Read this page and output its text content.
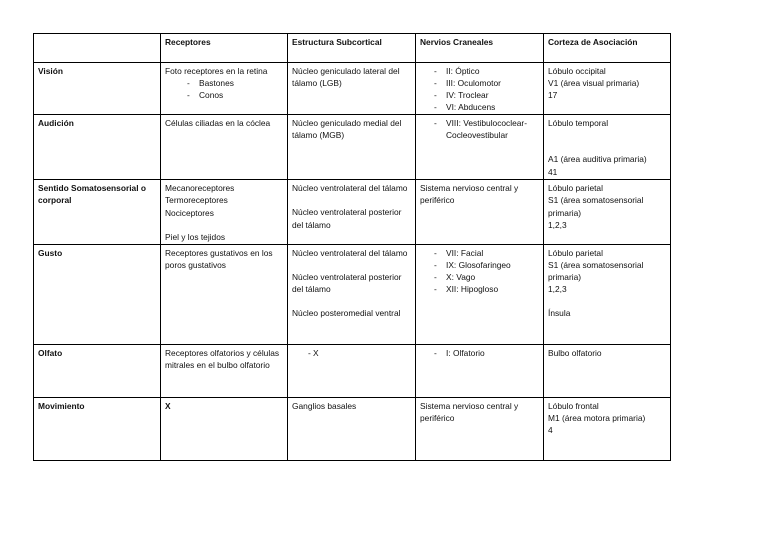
	Receptores	Estructura Subcortical	Nervios Craneales	Corteza de Asociación
Visión	Foto receptores en la retina
- Bastones
- Conos	Núcleo geniculado lateral del tálamo (LGB)	- II: Óptico
- III: Oculomotor
- IV: Troclear
- VI: Abducens	Lóbulo occipital
V1 (área visual primaria)
17

Audición	Células ciliadas en la cóclea	Núcleo geniculado medial del tálamo (MGB)	- VIII: Vestibulococlear-Cocleovestibular	Lóbulo temporal
A1 (área auditiva primaria)
41

Sentido Somatosensorial o corporal	Mecanoreceptores
Termoreceptores
Nociceptores
Piel y los tejidos	Núcleo ventrolateral del tálamo
Núcleo ventrolateral posterior del tálamo	Sistema nervioso central y periférico	Lóbulo parietal
S1 (área somatosensorial primaria)
1,2,3

Gusto	Receptores gustativos en los poros gustativos	Núcleo ventrolateral del tálamo
Núcleo ventrolateral posterior del tálamo
Núcleo posteromedial ventral	- VII: Facial
- IX: Glosofaringeo
- X: Vago
- XII: Hipogloso	Lóbulo parietal
S1 (área somatosensorial primaria)
1,2,3
Ínsula

Olfato	Receptores olfatorios y células mitrales en el bulbo olfatorio	- X	- I: Olfatorio	Bulbo olfatorio

Movimiento	X	Ganglios basales	Sistema nervioso central y periférico	Lóbulo frontal
M1 (área motora primaria)
4
